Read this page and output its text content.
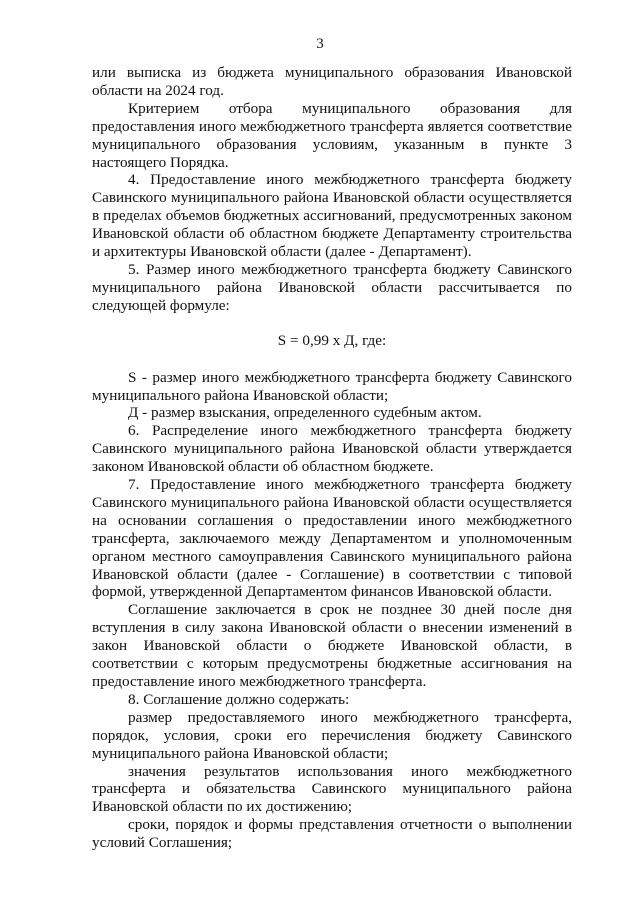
3

или выписка из бюджета муниципального образования Ивановской области на 2024 год.

Критерием отбора муниципального образования для предоставления иного межбюджетного трансферта является соответствие муниципального образования условиям, указанным в пункте 3 настоящего Порядка.

4. Предоставление иного межбюджетного трансферта бюджету Савинского муниципального района Ивановской области осуществляется в пределах объемов бюджетных ассигнований, предусмотренных законом Ивановской области об областном бюджете Департаменту строительства и архитектуры Ивановской области (далее - Департамент).

5. Размер иного межбюджетного трансферта бюджету Савинского муниципального района Ивановской области рассчитывается по следующей формуле:

S = 0,99 х Д, где:

S - размер иного межбюджетного трансферта бюджету Савинского муниципального района Ивановской области;

Д - размер взыскания, определенного судебным актом.

6. Распределение иного межбюджетного трансферта бюджету Савинского муниципального района Ивановской области утверждается законом Ивановской области об областном бюджете.

7. Предоставление иного межбюджетного трансферта бюджету Савинского муниципального района Ивановской области осуществляется на основании соглашения о предоставлении иного межбюджетного трансферта, заключаемого между Департаментом и уполномоченным органом местного самоуправления Савинского муниципального района Ивановской области (далее - Соглашение) в соответствии с типовой формой, утвержденной Департаментом финансов Ивановской области.

Соглашение заключается в срок не позднее 30 дней после дня вступления в силу закона Ивановской области о внесении изменений в закон Ивановской области о бюджете Ивановской области, в соответствии с которым предусмотрены бюджетные ассигнования на предоставление иного межбюджетного трансферта.

8. Соглашение должно содержать:

размер предоставляемого иного межбюджетного трансферта, порядок, условия, сроки его перечисления бюджету Савинского муниципального района Ивановской области;

значения результатов использования иного межбюджетного трансферта и обязательства Савинского муниципального района Ивановской области по их достижению;

сроки, порядок и формы представления отчетности о выполнении условий Соглашения;
